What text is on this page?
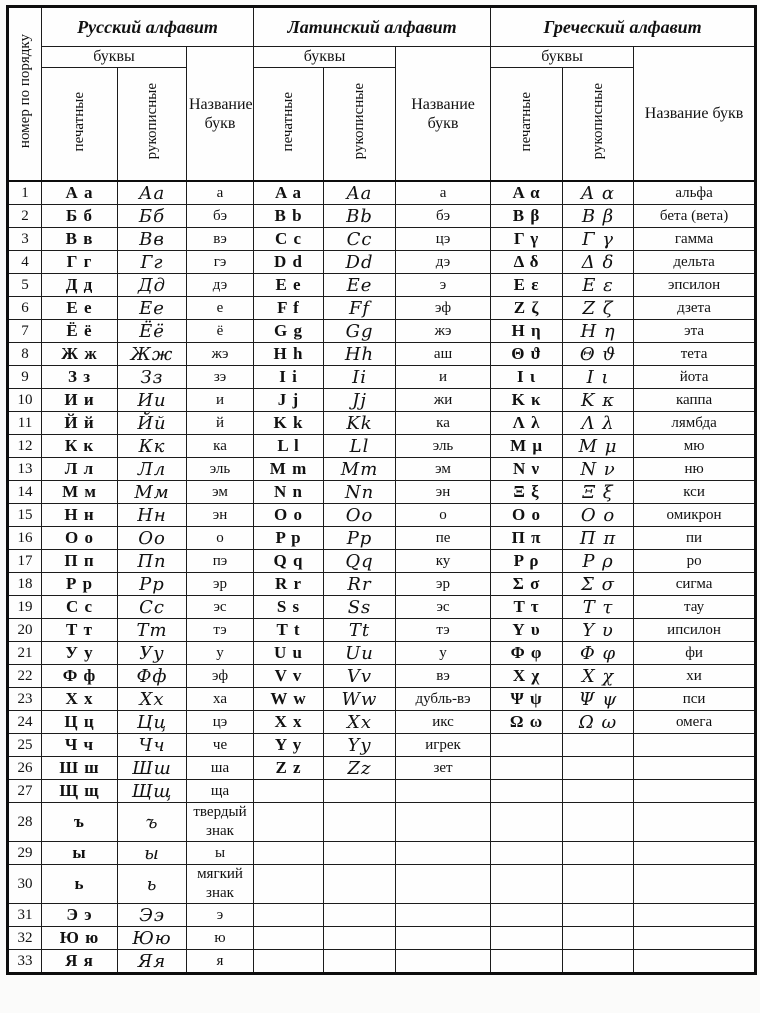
номер по порядку	Русский алфавит			Латинский алфавит			Греческий алфавит		
	буквы		Название букв	буквы		Название букв	буквы		Название букв
	печатные	рукописные		печатные	рукописные		печатные	рукописные	
1	А а	Аа	а	A a	Aa	а	Α α	Α α	альфа
2	Б б	Бб	бэ	B b	Bb	бэ	Β β	Β β	бета (вета)
3	В в	Вв	вэ	C c	Cc	цэ	Γ γ	Γ γ	гамма
4	Г г	Гг	гэ	D d	Dd	дэ	Δ δ	Δ δ	дельта
5	Д д	Дд	дэ	E e	Ee	э	Ε ε	Ε ε	эпсилон
6	Е е	Ее	е	F f	Ff	эф	Ζ ζ	Ζ ζ	дзета
7	Ё ё	Ёё	ё	G g	Gg	жэ	Η η	Η η	эта
8	Ж ж	Жж	жэ	H h	Hh	аш	Θ ϑ	Θ ϑ	тета
9	З з	Зз	зэ	I i	Ii	и	Ι ι	Ι ι	йота
10	И и	Ии	и	J j	Jj	жи	Κ κ	Κ κ	каппа
11	Й й	Йй	й	K k	Kk	ка	Λ λ	Λ λ	лямбда
12	К к	Кк	ка	L l	Ll	эль	Μ μ	Μ μ	мю
13	Л л	Лл	эль	M m	Mm	эм	Ν ν	Ν ν	ню
14	М м	Мм	эм	N n	Nn	эн	Ξ ξ	Ξ ξ	кси
15	Н н	Нн	эн	O o	Oo	о	Ο ο	Ο ο	омикрон
16	О о	Оо	о	P p	Pp	пе	Π π	Π π	пи
17	П п	Пп	пэ	Q q	Qq	ку	Ρ ρ	Ρ ρ	ро
18	Р р	Рр	эр	R r	Rr	эр	Σ σ	Σ σ	сигма
19	С с	Сс	эс	S s	Ss	эс	Τ τ	Τ τ	тау
20	Т т	Тт	тэ	T t	Tt	тэ	Υ υ	Υ υ	ипсилон
21	У у	Уу	у	U u	Uu	у	Φ φ	Φ φ	фи
22	Ф ф	Фф	эф	V v	Vv	вэ	Χ χ	Χ χ	хи
23	Х х	Хх	ха	W w	Ww	дубль-вэ	Ψ ψ	Ψ ψ	пси
24	Ц ц	Цц	цэ	X x	Xx	икс	Ω ω	Ω ω	омега
25	Ч ч	Чч	че	Y y	Yy	игрек			
26	Ш ш	Шш	ша	Z z	Zz	зет			
27	Щ щ	Щщ	ща						
28	ъ	ъ	твердый знак						
29	ы	ы	ы						
30	ь	ь	мягкий знак						
31	Э э	Ээ	э						
32	Ю ю	Юю	ю						
33	Я я	Яя	я						
